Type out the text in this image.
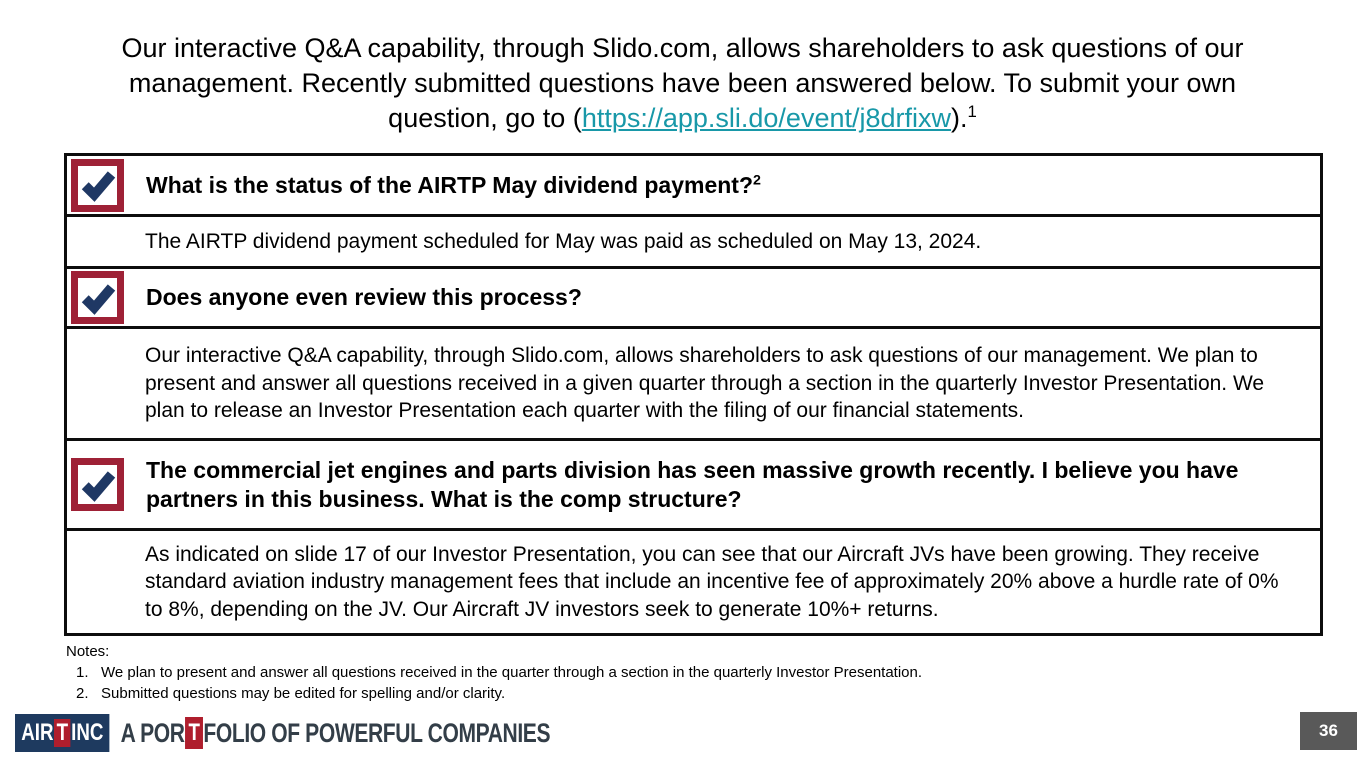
Our interactive Q&A capability, through Slido.com, allows shareholders to ask questions of our management. Recently submitted questions have been answered below. To submit your own question, go to (https://app.sli.do/event/j8drfixw).$^1$
What is the status of the AIRTP May dividend payment?$^2$
The AIRTP dividend payment scheduled for May was paid as scheduled on May 13, 2024.
Does anyone even review this process?
Our interactive Q&A capability, through Slido.com, allows shareholders to ask questions of our management. We plan to present and answer all questions received in a given quarter through a section in the quarterly Investor Presentation. We plan to release an Investor Presentation each quarter with the filing of our financial statements.
The commercial jet engines and parts division has seen massive growth recently. I believe you have partners in this business. What is the comp structure?
As indicated on slide 17 of our Investor Presentation, you can see that our Aircraft JVs have been growing. They receive standard aviation industry management fees that include an incentive fee of approximately 20% above a hurdle rate of 0% to 8%, depending on the JV. Our Aircraft JV investors seek to generate 10%+ returns.
Notes:
1. We plan to present and answer all questions received in the quarter through a section in the quarterly Investor Presentation.
2. Submitted questions may be edited for spelling and/or clarity.
AIR T INC A POR T FOLIO OF POWERFUL COMPANIES	36
